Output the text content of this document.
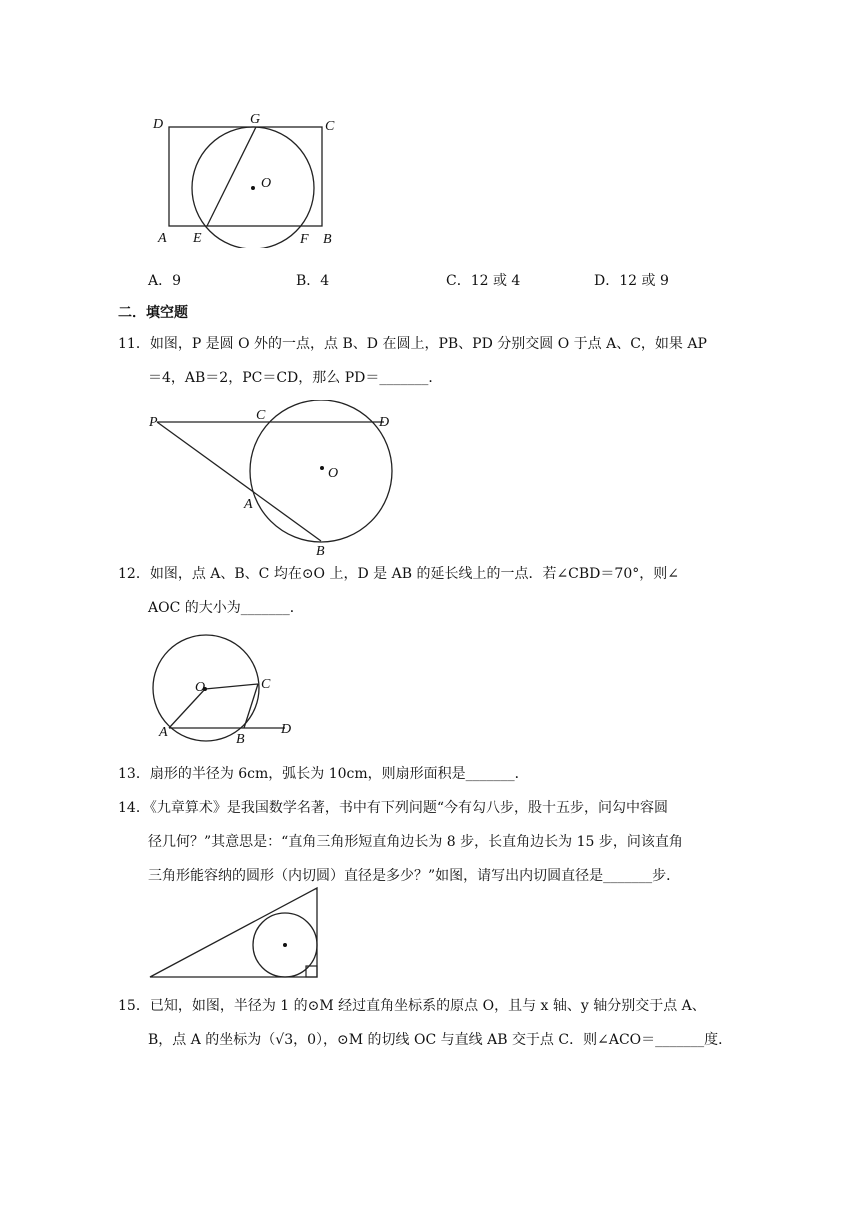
D	G	C
O
A E	F B
A．9	B．4	C．12 或 4	D．12 或 9
二．填空题
11．如图，P 是圆 O 外的一点，点 B、D 在圆上，PB、PD 分别交圆 O 于点 A、C，如果 AP
＝4，AB＝2，PC＝CD，那么 PD＝_______．
P	C	D
O
A
B
12．如图，点 A、B、C 均在⊙O 上，D 是 AB 的延长线上的一点．若∠CBD＝70°，则∠
AOC 的大小为_______．
O	C
A	B
D
13．扇形的半径为 6cm，弧长为 10cm，则扇形面积是_______．
14．《九章算术》是我国数学名著，书中有下列问题“今有勾八步，股十五步，问勾中容圆
径几何？”其意思是：“直角三角形短直角边长为 8 步，长直角边长为 15 步，问该直角
三角形能容纳的圆形（内切圆）直径是多少？”如图，请写出内切圆直径是_______步．
15．已知，如图，半径为 1 的⊙M 经过直角坐标系的原点 O，且与 x 轴、y 轴分别交于点 A、
B，点 A 的坐标为（√3，0），⊙M 的切线 OC 与直线 AB 交于点 C．则∠ACO＝_______度．
